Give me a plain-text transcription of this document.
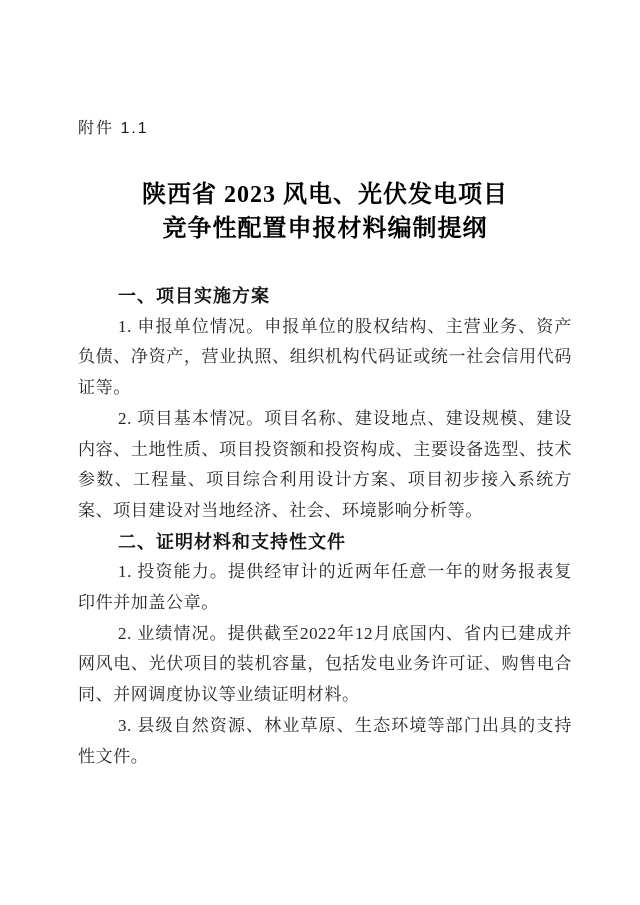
附件 1.1
陕西省 2023 风电、光伏发电项目
竞争性配置申报材料编制提纲
一、项目实施方案

1. 申报单位情况。申报单位的股权结构、主营业务、资产负债、净资产，营业执照、组织机构代码证或统一社会信用代码证等。

2. 项目基本情况。项目名称、建设地点、建设规模、建设内容、土地性质、项目投资额和投资构成、主要设备选型、技术参数、工程量、项目综合利用设计方案、项目初步接入系统方案、项目建设对当地经济、社会、环境影响分析等。

二、证明材料和支持性文件

1. 投资能力。提供经审计的近两年任意一年的财务报表复印件并加盖公章。

2. 业绩情况。提供截至2022年12月底国内、省内已建成并网风电、光伏项目的装机容量，包括发电业务许可证、购售电合同、并网调度协议等业绩证明材料。

3. 县级自然资源、林业草原、生态环境等部门出具的支持性文件。
